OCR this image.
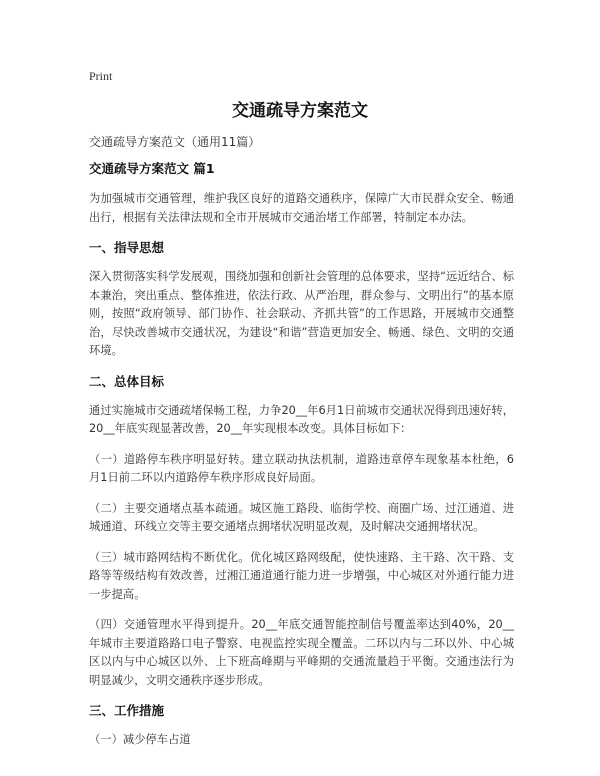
Print
交通疏导方案范文
交通疏导方案范文（通用11篇）
交通疏导方案范文 篇1
为加强城市交通管理，维护我区良好的道路交通秩序，保障广大市民群众安全、畅通出行，根据有关法律法规和全市开展城市交通治堵工作部署，特制定本办法。
一、指导思想
深入贯彻落实科学发展观，围绕加强和创新社会管理的总体要求，坚持“远近结合、标本兼治，突出重点、整体推进，依法行政、从严治理，群众参与、文明出行”的基本原则，按照“政府领导、部门协作、社会联动、齐抓共管”的工作思路，开展城市交通整治，尽快改善城市交通状况，为建设“和谐”营造更加安全、畅通、绿色、文明的交通环境。
二、总体目标
通过实施城市交通疏堵保畅工程，力争20__年6月1日前城市交通状况得到迅速好转，20__年底实现显著改善，20__年实现根本改变。具体目标如下：
（一）道路停车秩序明显好转。建立联动执法机制，道路违章停车现象基本杜绝，6月1日前二环以内道路停车秩序形成良好局面。
（二）主要交通堵点基本疏通。城区施工路段、临街学校、商圈广场、过江通道、进城通道、环线立交等主要交通堵点拥堵状况明显改观，及时解决交通拥堵状况。
（三）城市路网结构不断优化。优化城区路网级配，使快速路、主干路、次干路、支路等等级结构有效改善，过湘江通道通行能力进一步增强，中心城区对外通行能力进一步提高。
（四）交通管理水平得到提升。20__年底交通智能控制信号覆盖率达到40%，20__年城市主要道路路口电子警察、电视监控实现全覆盖。二环以内与二环以外、中心城区以内与中心城区以外、上下班高峰期与平峰期的交通流量趋于平衡。交通违法行为明显减少，文明交通秩序逐步形成。
三、工作措施
（一）减少停车占道
